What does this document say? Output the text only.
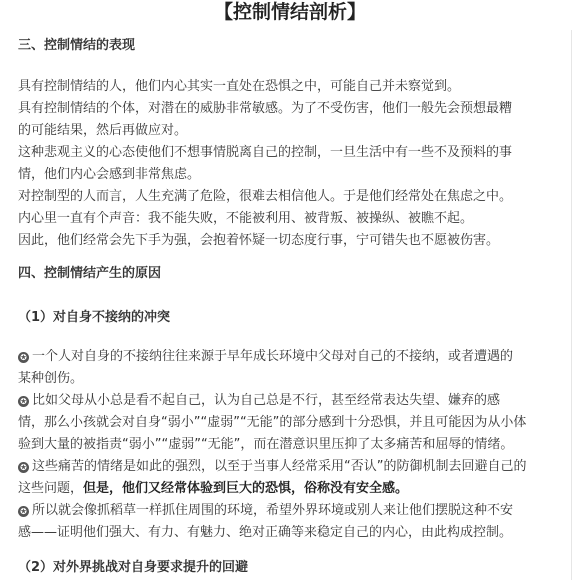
【控制情结剖析】
三、控制情结的表现
具有控制情结的人，他们内心其实一直处在恐惧之中，可能自己并未察觉到。
具有控制情结的个体，对潜在的威胁非常敏感。为了不受伤害，他们一般先会预想最糟
的可能结果，然后再做应对。
这种悲观主义的心态使他们不想事情脱离自己的控制，一旦生活中有一些不及预料的事
情，他们内心会感到非常焦虑。
对控制型的人而言，人生充满了危险，很难去相信他人。于是他们经常处在焦虑之中。
内心里一直有个声音：我不能失败，不能被利用、被背叛、被操纵、被瞧不起。
因此，他们经常会先下手为强，会抱着怀疑一切态度行事，宁可错失也不愿被伤害。
四、控制情结产生的原因
（1）对自身不接纳的冲突
✪ 一个人对自身的不接纳往往来源于早年成长环境中父母对自己的不接纳，或者遭遇的
某种创伤。
✪ 比如父母从小总是看不起自己，认为自己总是不行，甚至经常表达失望、嫌弃的感
情，那么小孩就会对自身“弱小”“虚弱”“无能”的部分感到十分恐惧，并且可能因为从小体
验到大量的被指责“弱小”“虚弱”“无能”，而在潜意识里压抑了太多痛苦和屈辱的情绪。
✪ 这些痛苦的情绪是如此的强烈，以至于当事人经常采用“否认”的防御机制去回避自己的
这些问题，但是，他们又经常体验到巨大的恐惧，俗称没有安全感。
✪ 所以就会像抓稻草一样抓住周围的环境，希望外界环境或别人来让他们摆脱这种不安
感——证明他们强大、有力、有魅力、绝对正确等来稳定自己的内心，由此构成控制。
（2）对外界挑战对自身要求提升的回避
